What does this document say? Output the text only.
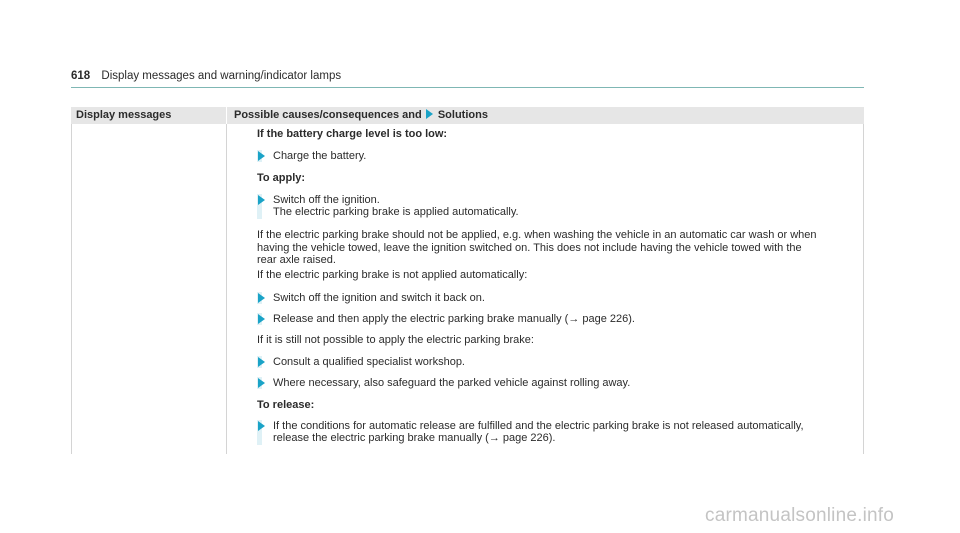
618 Display messages and warning/indicator lamps
Display messages	Possible causes/consequences and Solutions
If the battery charge level is too low:
Charge the battery.
To apply:
Switch off the ignition.
The electric parking brake is applied automatically.
If the electric parking brake should not be applied, e.g. when washing the vehicle in an automatic car wash or when
having the vehicle towed, leave the ignition switched on. This does not include having the vehicle towed with the
rear axle raised.
If the electric parking brake is not applied automatically:
Switch off the ignition and switch it back on.
Release and then apply the electric parking brake manually (→ page 226).
If it is still not possible to apply the electric parking brake:
Consult a qualified specialist workshop.
Where necessary, also safeguard the parked vehicle against rolling away.
To release:
If the conditions for automatic release are fulfilled and the electric parking brake is not released automatically,
release the electric parking brake manually (→ page 226).
carmanualsonline.info
